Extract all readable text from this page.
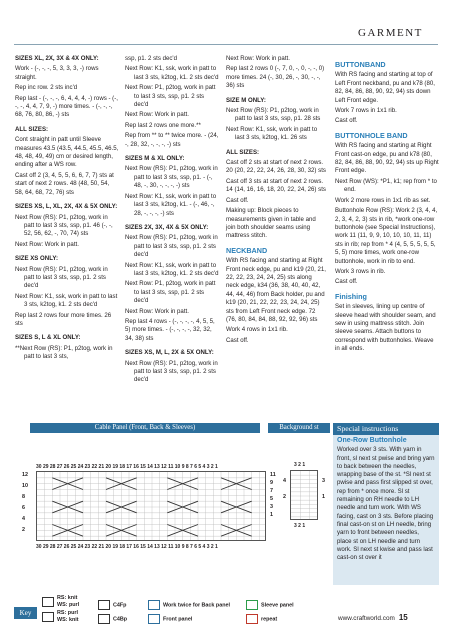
GARMENT

SIZES XL, 2X, 3X & 4X ONLY:

Work - (-, -, -, 5, 3, 3, 3, -) rows straight.

Rep inc row. 2 sts inc'd

Rep last - (-, -, -, 6, 4, 4, 4, -) rows - (-, -, -, 4, 4, 7, 9, -) more times. - (-, -, -, 68, 76, 80, 86, -) sts

ALL SIZES:

Cont straight in patt until Sleeve measures 43.5 (43.5, 44.5, 45.5, 46.5, 48, 48, 49, 49) cm or desired length, ending after a WS row.

Cast off 2 (3, 4, 5, 5, 6, 6, 7, 7) sts at start of next 2 rows. 48 (48, 50, 54, 58, 64, 68, 72, 76) sts

SIZES XS, L, XL, 2X, 4X & 5X ONLY:

Next Row (RS): P1, p2tog, work in patt to last 3 sts, ssp, p1. 46 (-, -, 52, 56, 62, -, 70, 74) sts

Next Row: Work in patt.

SIZE XS ONLY:

Next Row (RS): P1, p2tog, work in patt to last 3 sts, ssp, p1. 2 sts dec'd

Next Row: K1, ssk, work in patt to last 3 sts, k2tog, k1. 2 sts dec'd

Rep last 2 rows four more times. 26 sts

SIZES S, L & XL ONLY:

**Next Row (RS): P1, p2tog, work in patt to last 3 sts,

ssp, p1. 2 sts dec'd

Next Row: K1, ssk, work in patt to last 3 sts, k2tog, k1. 2 sts dec'd

Next Row: P1, p2tog, work in patt to last 3 sts, ssp, p1. 2 sts dec'd

Next Row: Work in patt.

Rep last 2 rows one more.**

Rep from ** to ** twice more. - (24, -, 28, 32, -, -, -, -) sts

SIZES M & XL ONLY:

Next Row (RS): P1, p2tog, work in patt to last 3 sts, ssp, p1. - (-, 48, -, 30, -, -, -, -) sts

Next Row: K1, ssk, work in patt to last 3 sts, k2tog, k1. - (-, 46, -, 28, -, -, -, -) sts

SIZES 2X, 3X, 4X & 5X ONLY:

Next Row (RS): P1, p2tog, work in patt to last 3 sts, ssp, p1. 2 sts dec'd

Next Row: K1, ssk, work in patt to last 3 sts, k2tog, k1. 2 sts dec'd

Next Row: P1, p2tog, work in patt to last 3 sts, ssp, p1. 2 sts dec'd

Next Row: Work in patt.

Rep last 4 rows - (-, -, -, -, 4, 5, 5, 5) more times. - (-, -, -, -, 32, 32, 34, 38) sts

SIZES XS, M, L, 2X & 5X ONLY:

Next Row (RS): P1, p2tog, work in patt to last 3 sts, ssp, p1. 2 sts dec'd

Next Row: Work in patt.

Rep last 2 rows 0 (-, 7, 0, -, 0, -, -, 0) more times. 24 (-, 30, 26, -, 30, -, -, 36) sts

SIZE M ONLY:

Next Row (RS): P1, p2tog, work in patt to last 3 sts, ssp, p1. 28 sts

Next Row: K1, ssk, work in patt to last 3 sts, k2tog, k1. 26 sts

ALL SIZES:

Cast off 2 sts at start of next 2 rows. 20 (20, 22, 22, 24, 26, 28, 30, 32) sts

Cast off 3 sts at start of next 2 rows. 14 (14, 16, 16, 18, 20, 22, 24, 26) sts

Cast off.

Making up: Block pieces to measurements given in table and join both shoulder seams using mattress stitch.

NECKBAND

With RS facing and starting at Right Front neck edge, pu and k19 (20, 21, 22, 22, 23, 24, 24, 25) sts along neck edge, k34 (36, 38, 40, 40, 42, 44, 44, 46) from Back holder, pu and k19 (20, 21, 22, 22, 23, 24, 24, 25) sts from Left Front neck edge. 72 (76, 80, 84, 84, 88, 92, 92, 96) sts

Work 4 rows in 1x1 rib.

Cast off.

BUTTONBAND

With RS facing and starting at top of Left Front neckband, pu and k78 (80, 82, 84, 86, 88, 90, 92, 94) sts down Left Front edge.

Work 7 rows in 1x1 rib.

Cast off.

BUTTONHOLE BAND

With RS facing and starting at Right Front cast-on edge, pu and k78 (80, 82, 84, 86, 88, 90, 92, 94) sts up Right Front edge.

Next Row (WS): *P1, k1; rep from * to end.

Work 2 more rows in 1x1 rib as set.

Buttonhole Row (RS): Work 2 (3, 4, 4, 2, 3, 4, 2, 3) sts in rib, *work one-row buttonhole (see Special Instructions), work 11 (11, 9, 9, 10, 10, 10, 11, 11) sts in rib; rep from * 4 (4, 5, 5, 5, 5, 5, 5, 5) more times, work one-row buttonhole, work in rib to end.

Work 3 rows in rib.

Cast off.

Finishing

Set in sleeves, lining up centre of sleeve head with shoulder seam, and sew in using mattress stitch. Join sleeve seams. Attach buttons to correspond with buttonholes. Weave in all ends.

Special instructions
One-Row Buttonhole
Worked over 3 sts. With yarn in front, sl next st pwise and bring yarn to back between the needles, wrapping base of the st. *Sl next st pwise and pass first slipped st over, rep from * once more. Sl st remaining on RH needle to LH needle and turn work. With WS facing, cast on 3 sts. Before placing final cast-on st on LH needle, bring yarn to front between needles, place st on LH needle and turn work. Sl next st kwise and pass last cast-on st over it
Cable Panel (Front, Back & Sleeves)	Background st
30 29 28 27 26 25 24 23 22 21 20 19 18 17 16 15 14 13 12 11 10 9 8 7 6 5 4 3 2 1
30 29 28 27 26 25 24 23 22 21 20 19 18 17 16 15 14 13 12 11 10 9 8 7 6 5 4 3 2 1
12
10
8
6
4
2
3 2 1
3 2 1
4
2
11
9
7
5
3
1
3
1
Key
RS: knit
WS: purl
RS: purl
WS: knit
C4Fp
C4Bp
Work twice for Back panel
Front panel
Sleeve panel
repeat	www.craftworld.com 15
